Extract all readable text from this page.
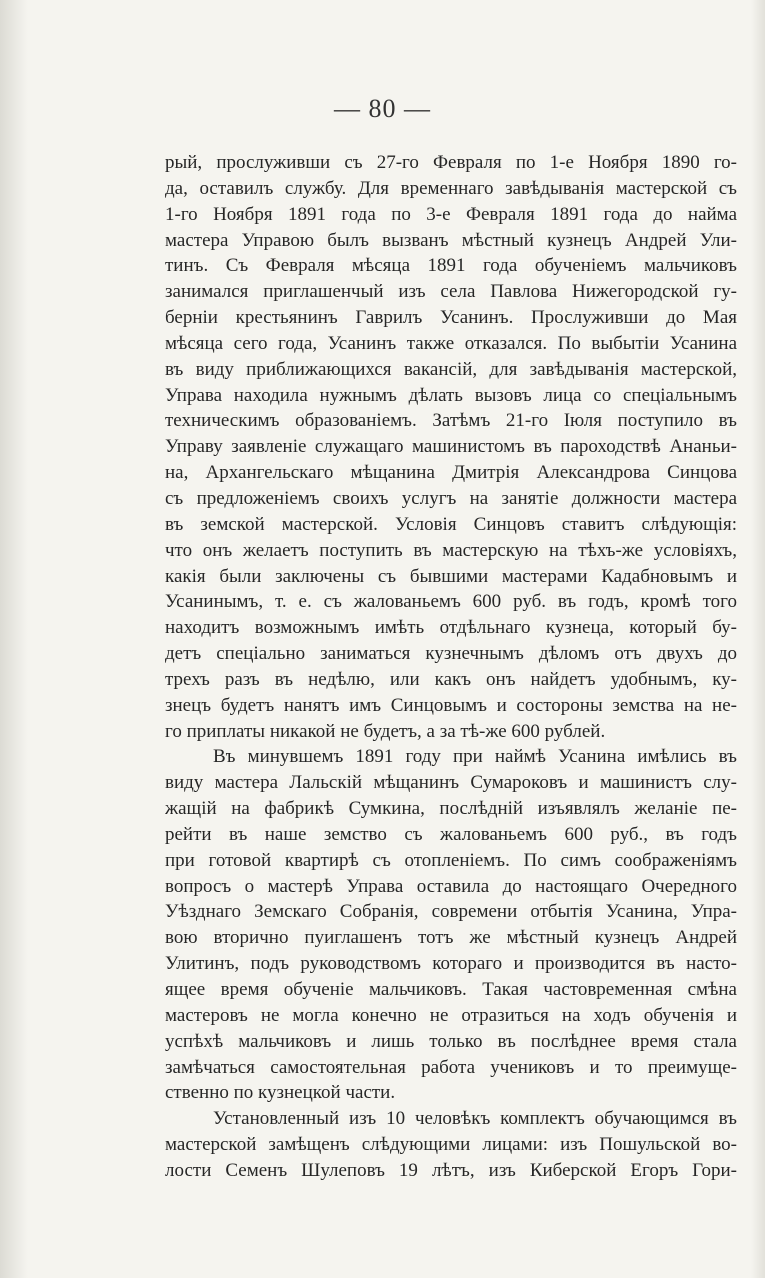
— 80 —
рый, прослуживши съ 27-го Февраля по 1-е Ноября 1890 го-
да, оставилъ службу. Для временнаго завѣдыванія мастерской съ
1-го Ноября 1891 года по 3-е Февраля 1891 года до найма
мастера Управою былъ вызванъ мѣстный кузнецъ Андрей Ули-
тинъ. Съ Февраля мѣсяца 1891 года обученіемъ мальчиковъ
занимался приглашенчый изъ села Павлова Нижегородской гу-
берніи крестьянинъ Гаврилъ Усанинъ. Прослуживши до Мая
мѣсяца сего года, Усанинъ также отказался. По выбытіи Усанина
въ виду приближающихся вакансій, для завѣдыванія мастерской,
Управа находила нужнымъ дѣлать вызовъ лица со спеціальнымъ
техническимъ образованіемъ. Затѣмъ 21-го Іюля поступило въ
Управу заявленіе служащаго машинистомъ въ пароходствѣ Ананьи-
на, Архангельскаго мѣщанина Дмитрія Александрова Синцова
съ предложеніемъ своихъ услугъ на занятіе должности мастера
въ земской мастерской. Условія Синцовъ ставитъ слѣдующія:
что онъ желаетъ поступить въ мастерскую на тѣхъ-же условіяхъ,
какія были заключены съ бывшими мастерами Кадабновымъ и
Усанинымъ, т. е. съ жалованьемъ 600 руб. въ годъ, кромѣ того
находитъ возможнымъ имѣть отдѣльнаго кузнеца, который бу-
детъ спеціально заниматься кузнечнымъ дѣломъ отъ двухъ до
трехъ разъ въ недѣлю, или какъ онъ найдетъ удобнымъ, ку-
знецъ будетъ нанятъ имъ Синцовымъ и состороны земства на не-
го приплаты никакой не будетъ, а за тѣ-же 600 рублей.
Въ минувшемъ 1891 году при наймѣ Усанина имѣлись въ
виду мастера Лальскій мѣщанинъ Сумароковъ и машинистъ слу-
жащій на фабрикѣ Сумкина, послѣдній изъявлялъ желаніе пе-
рейти въ наше земство съ жалованьемъ 600 руб., въ годъ
при готовой квартирѣ съ отопленіемъ. По симъ соображеніямъ
вопросъ о мастерѣ Управа оставила до настоящаго Очередного
Уѣзднаго Земскаго Собранія, современи отбытія Усанина, Упра-
вою вторично пуиглашенъ тотъ же мѣстный кузнецъ Андрей
Улитинъ, подъ руководствомъ котораго и производится въ насто-
ящее время обученіе мальчиковъ. Такая частовременная смѣна
мастеровъ не могла конечно не отразиться на ходъ обученія и
успѣхѣ мальчиковъ и лишь только въ послѣднее время стала
замѣчаться самостоятельная работа учениковъ и то преимуще-
ственно по кузнецкой части.
Установленный изъ 10 человѣкъ комплектъ обучающимся въ
мастерской замѣщенъ слѣдующими лицами: изъ Пошульской во-
лости Семенъ Шулеповъ 19 лѣтъ, изъ Киберской Егоръ Гори-
